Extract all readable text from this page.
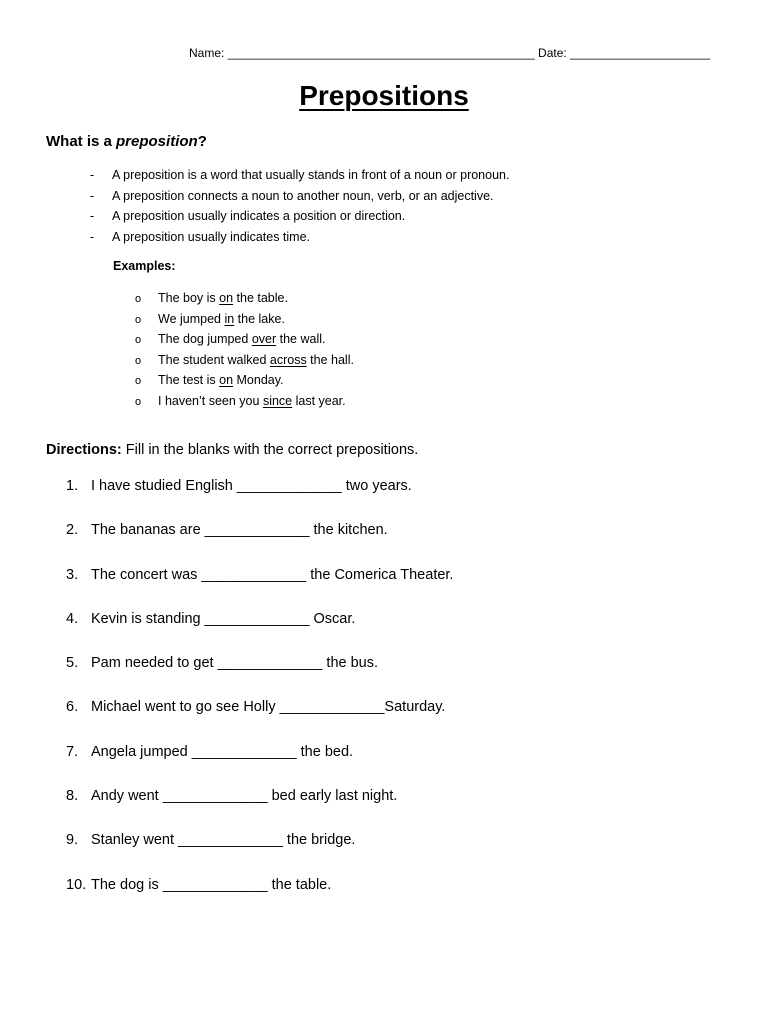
Name: ______________________________________________ Date: _____________________
Prepositions
What is a preposition?
- A preposition is a word that usually stands in front of a noun or pronoun.
- A preposition connects a noun to another noun, verb, or an adjective.
- A preposition usually indicates a position or direction.
- A preposition usually indicates time.
Examples:
o The boy is on the table.
o We jumped in the lake.
o The dog jumped over the wall.
o The student walked across the hall.
o The test is on Monday.
o I haven’t seen you since last year.
Directions: Fill in the blanks with the correct prepositions.
1. I have studied English _____________ two years.
2. The bananas are _____________ the kitchen.
3. The concert was _____________ the Comerica Theater.
4. Kevin is standing _____________ Oscar.
5. Pam needed to get _____________ the bus.
6. Michael went to go see Holly _____________Saturday.
7. Angela jumped _____________ the bed.
8. Andy went _____________ bed early last night.
9. Stanley went _____________ the bridge.
10. The dog is _____________ the table.
